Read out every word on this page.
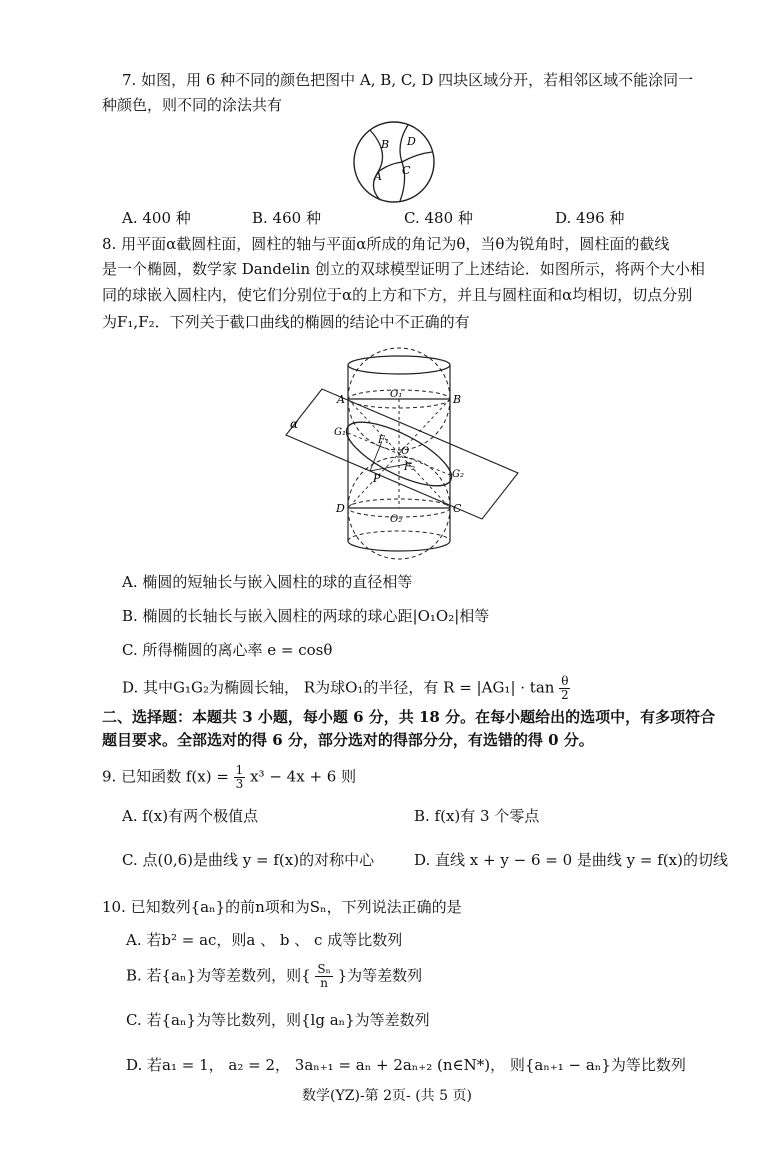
7. 如图，用 6 种不同的颜色把图中 A, B, C, D 四块区域分开，若相邻区域不能涂同一
种颜色，则不同的涂法共有
B D
A C
A. 400 种	B. 460 种	C. 480 种	D. 496 种
8. 用平面α截圆柱面，圆柱的轴与平面α所成的角记为θ，当θ为锐角时，圆柱面的截线
是一个椭圆，数学家 Dandelin 创立的双球模型证明了上述结论．如图所示，将两个大小相
同的球嵌入圆柱内，使它们分别位于α的上方和下方，并且与圆柱面和α均相切，切点分别
为F₁,F₂．下列关于截口曲线的椭圆的结论中不正确的有
α
A	B
D	C
O₁
O₂
O
G₁
G₂
F₁
F₂
P
A. 椭圆的短轴长与嵌入圆柱的球的直径相等
B. 椭圆的长轴长与嵌入圆柱的两球的球心距|O₁O₂|相等
C. 所得椭圆的离心率 e = cosθ
D. 其中G₁G₂为椭圆长轴， R为球O₁的半径，有 $R = |AG_1| \cdot \tan \frac{\theta}{2}$
二、选择题：本题共 3 小题，每小题 6 分，共 18 分。在每小题给出的选项中，有多项符合
题目要求。全部选对的得 6 分，部分选对的得部分分，有选错的得 0 分。
9. 已知函数 $f(x) = \frac{1}{3} x^3 - 4x + 6$ 则
A. f(x)有两个极值点	B. f(x)有 3 个零点
C. 点(0,6)是曲线 y = f(x)的对称中心	D. 直线 x + y − 6 = 0 是曲线 y = f(x)的切线
10. 已知数列{aₙ}的前n项和为Sₙ，下列说法正确的是
A. 若b² = ac，则a 、 b 、 c 成等比数列
B. 若{aₙ}为等差数列，则{ $\frac{\text{Sₙ}}{n}$ }为等差数列
C. 若{aₙ}为等比数列，则{lg aₙ}为等差数列
D. 若a₁ = 1， a₂ = 2， 3aₙ₊₁ = aₙ + 2aₙ₊₂ (n∈N*)， 则{aₙ₊₁ − aₙ}为等比数列
数学(YZ)-第 2页- (共 5 页)
